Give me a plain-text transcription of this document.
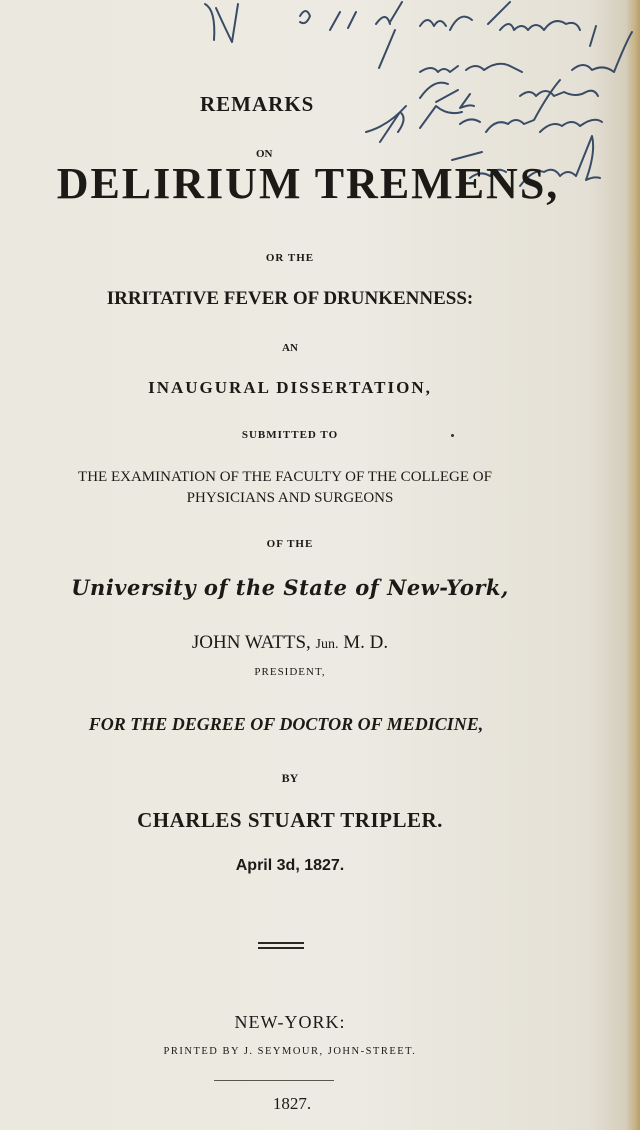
REMARKS
ON
DELIRIUM TREMENS,
OR THE
IRRITATIVE FEVER OF DRUNKENNESS:
AN
INAUGURAL DISSERTATION,
SUBMITTED TO
THE EXAMINATION OF THE FACULTY OF THE COLLEGE OF
PHYSICIANS AND SURGEONS
OF THE
University of the State of New-York,
JOHN WATTS, Jun. M. D.
PRESIDENT,
FOR THE DEGREE OF DOCTOR OF MEDICINE,
BY
CHARLES STUART TRIPLER.
April 3d, 1827.
NEW-YORK:
PRINTED BY J. SEYMOUR, JOHN-STREET.
1827.
